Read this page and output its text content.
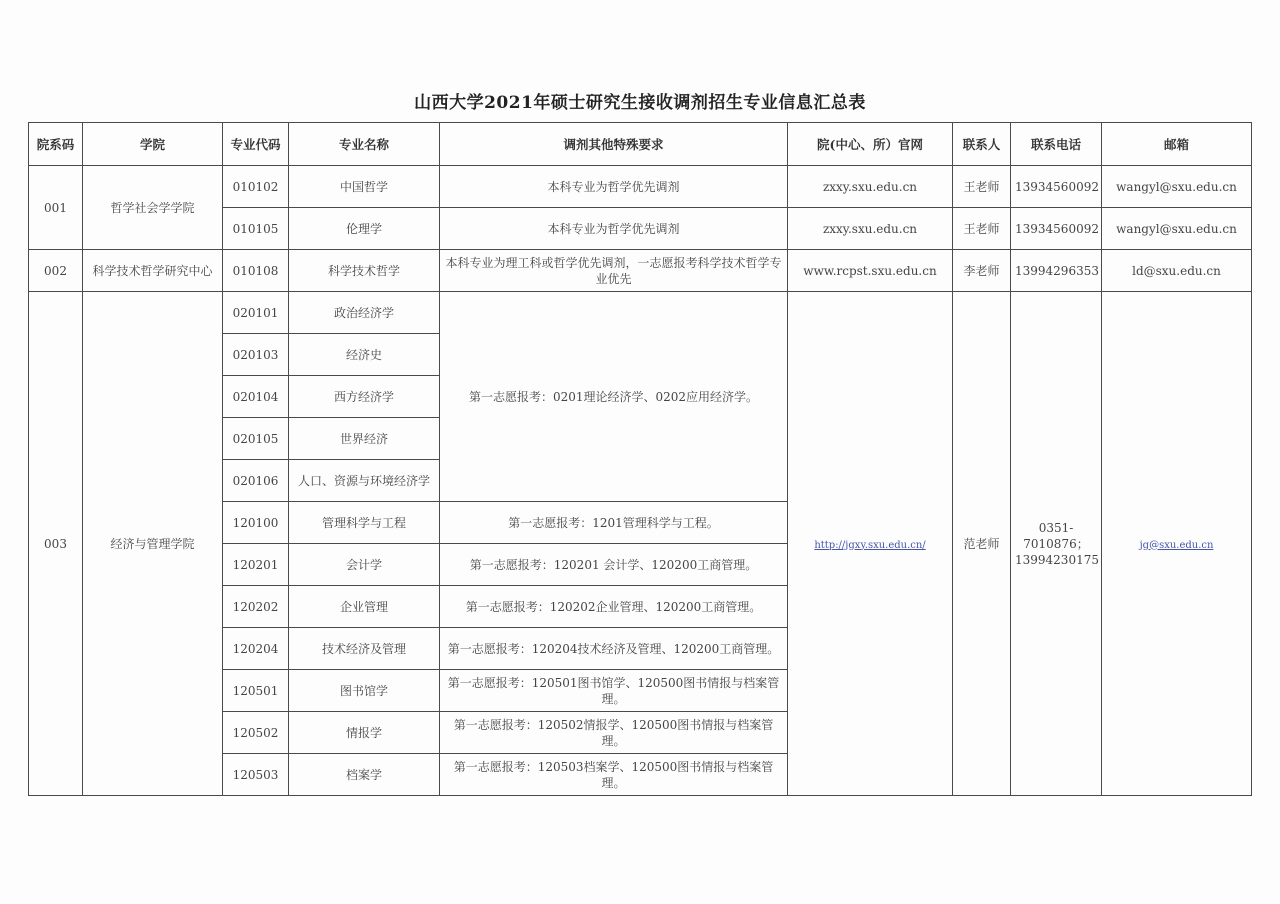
山西大学2021年硕士研究生接收调剂招生专业信息汇总表
院系码	学院	专业代码	专业名称	调剂其他特殊要求	院(中心、所）官网	联系人	联系电话	邮箱
001	哲学社会学学院	010102	中国哲学	本科专业为哲学优先调剂	zxxy.sxu.edu.cn	王老师	13934560092	wangyl@sxu.edu.cn
		010105	伦理学	本科专业为哲学优先调剂	zxxy.sxu.edu.cn	王老师	13934560092	wangyl@sxu.edu.cn
002	科学技术哲学研究中心	010108	科学技术哲学	本科专业为理工科或哲学优先调剂，一志愿报考科学技术哲学专业优先	www.rcpst.sxu.edu.cn	李老师	13994296353	ld@sxu.edu.cn
003	经济与管理学院	020101	政治经济学	第一志愿报考：0201理论经济学、0202应用经济学。	http://jgxy.sxu.edu.cn/	范老师	0351-7010876；13994230175	jg@sxu.edu.cn
		020103	经济史					
		020104	西方经济学					
		020105	世界经济					
		020106	人口、资源与环境经济学					
		120100	管理科学与工程	第一志愿报考：1201管理科学与工程。				
		120201	会计学	第一志愿报考：120201 会计学、120200工商管理。				
		120202	企业管理	第一志愿报考：120202企业管理、120200工商管理。				
		120204	技术经济及管理	第一志愿报考：120204技术经济及管理、120200工商管理。				
		120501	图书馆学	第一志愿报考：120501图书馆学、120500图书情报与档案管理。				
		120502	情报学	第一志愿报考：120502情报学、120500图书情报与档案管理。				
		120503	档案学	第一志愿报考：120503档案学、120500图书情报与档案管理。				
